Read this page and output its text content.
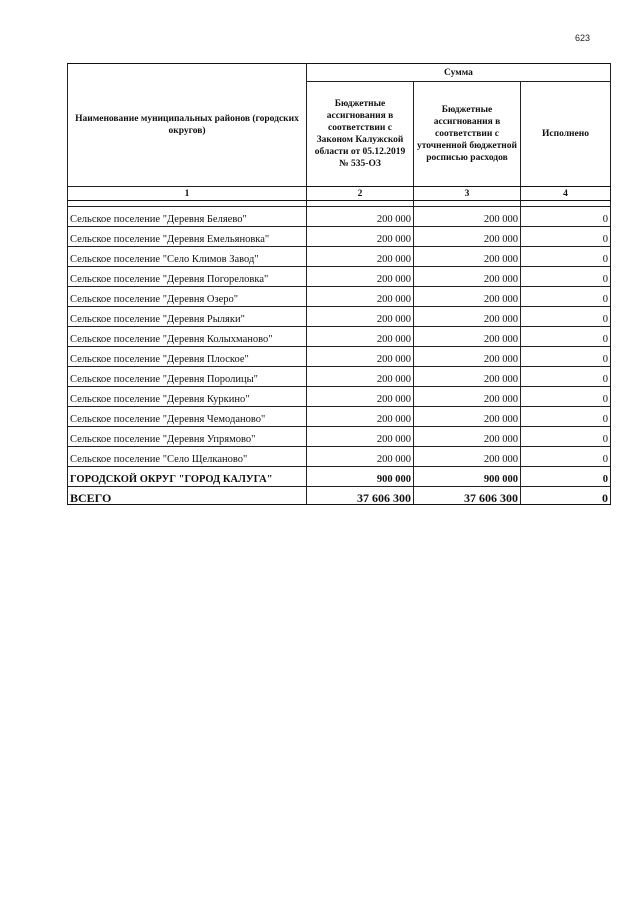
623
Наименование муниципальных районов (городских округов)	Сумма		
	Бюджетные ассигнования в соответствии с Законом Калужской области от 05.12.2019 № 535-ОЗ	Бюджетные ассигнования в соответствии с уточненной бюджетной росписью расходов	Исполнено
1	2	3	4

Сельское поселение "Деревня Беляево"	200 000	200 000	0
Сельское поселение "Деревня Емельяновка"	200 000	200 000	0
Сельское поселение "Село Климов Завод"	200 000	200 000	0
Сельское поселение "Деревня Погореловка"	200 000	200 000	0
Сельское поселение "Деревня Озеро"	200 000	200 000	0
Сельское поселение "Деревня Рыляки"	200 000	200 000	0
Сельское поселение "Деревня Колыхманово"	200 000	200 000	0
Сельское поселение "Деревня Плоское"	200 000	200 000	0
Сельское поселение "Деревня Поролицы"	200 000	200 000	0
Сельское поселение "Деревня Куркино"	200 000	200 000	0
Сельское поселение "Деревня Чемоданово"	200 000	200 000	0
Сельское поселение "Деревня Упрямово"	200 000	200 000	0
Сельское поселение "Село Щелканово"	200 000	200 000	0
ГОРОДСКОЙ ОКРУГ "ГОРОД КАЛУГА"	900 000	900 000	0
ВСЕГО	37 606 300	37 606 300	0
